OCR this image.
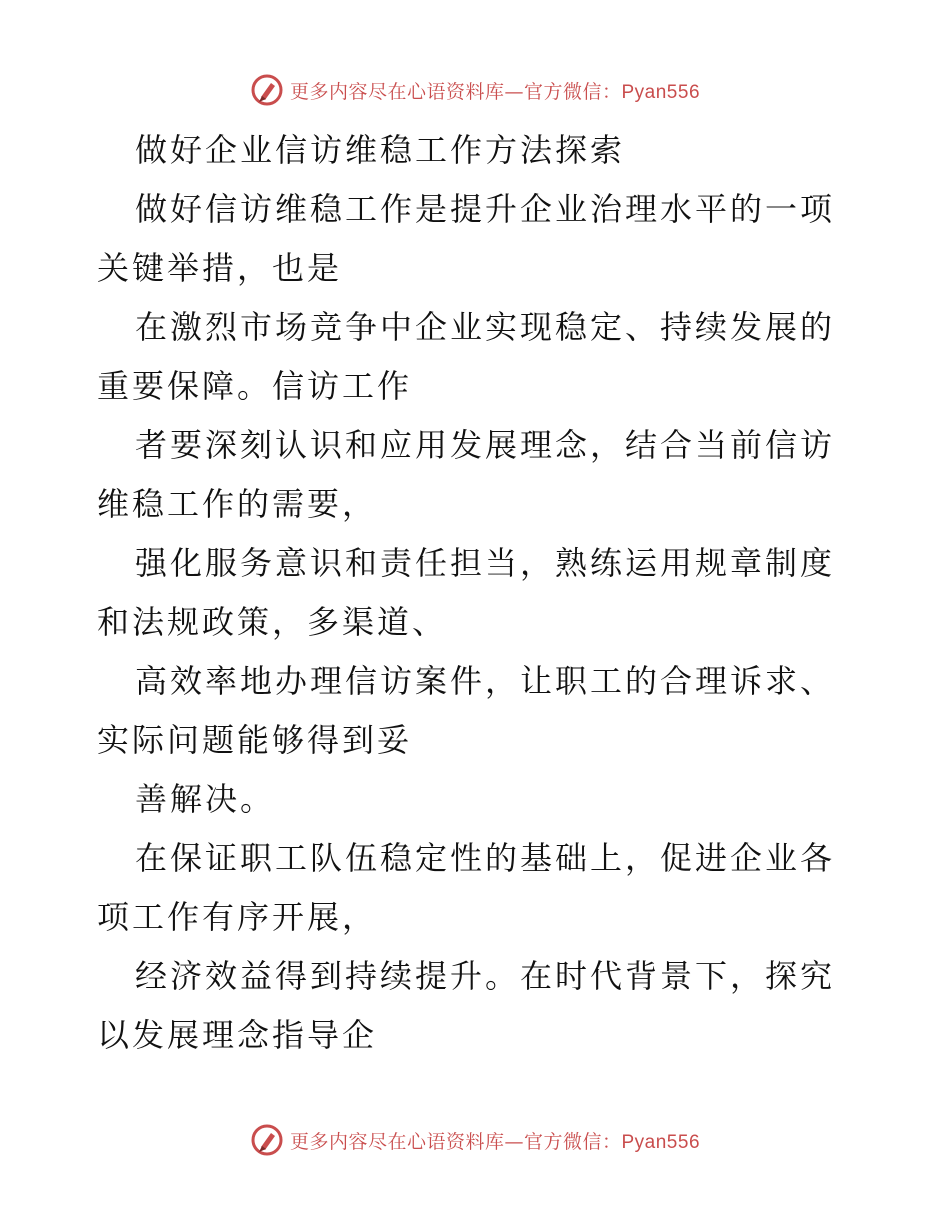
更多内容尽在心语资料库—官方微信：Pyan556

做好企业信访维稳工作方法探索

做好信访维稳工作是提升企业治理水平的一项关键举措，也是

在激烈市场竞争中企业实现稳定、持续发展的重要保障。信访工作

者要深刻认识和应用发展理念，结合当前信访维稳工作的需要，

强化服务意识和责任担当，熟练运用规章制度和法规政策，多渠道、

高效率地办理信访案件，让职工的合理诉求、实际问题能够得到妥

善解决。

在保证职工队伍稳定性的基础上，促进企业各项工作有序开展，

经济效益得到持续提升。在时代背景下，探究以发展理念指导企

更多内容尽在心语资料库—官方微信：Pyan556
